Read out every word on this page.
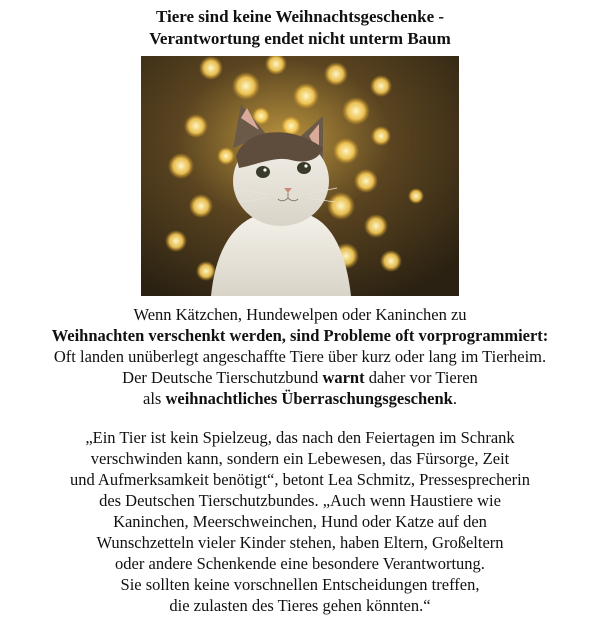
Tiere sind keine Weihnachtsgeschenke -
Verantwortung endet nicht unterm Baum

Wenn Kätzchen, Hundewelpen oder Kaninchen zu
Weihnachten verschenkt werden, sind Probleme oft vorprogrammiert:
Oft landen unüberlegt angeschaffte Tiere über kurz oder lang im Tierheim.
Der Deutsche Tierschutzbund warnt daher vor Tieren
als weihnachtliches Überraschungsgeschenk.

„Ein Tier ist kein Spielzeug, das nach den Feiertagen im Schrank
verschwinden kann, sondern ein Lebewesen, das Fürsorge, Zeit
und Aufmerksamkeit benötigt“, betont Lea Schmitz, Pressesprecherin
des Deutschen Tierschutzbundes. „Auch wenn Haustiere wie
Kaninchen, Meerschweinchen, Hund oder Katze auf den
Wunschzetteln vieler Kinder stehen, haben Eltern, Großeltern
oder andere Schenkende eine besondere Verantwortung.
Sie sollten keine vorschnellen Entscheidungen treffen,
die zulasten des Tieres gehen könnten.“
